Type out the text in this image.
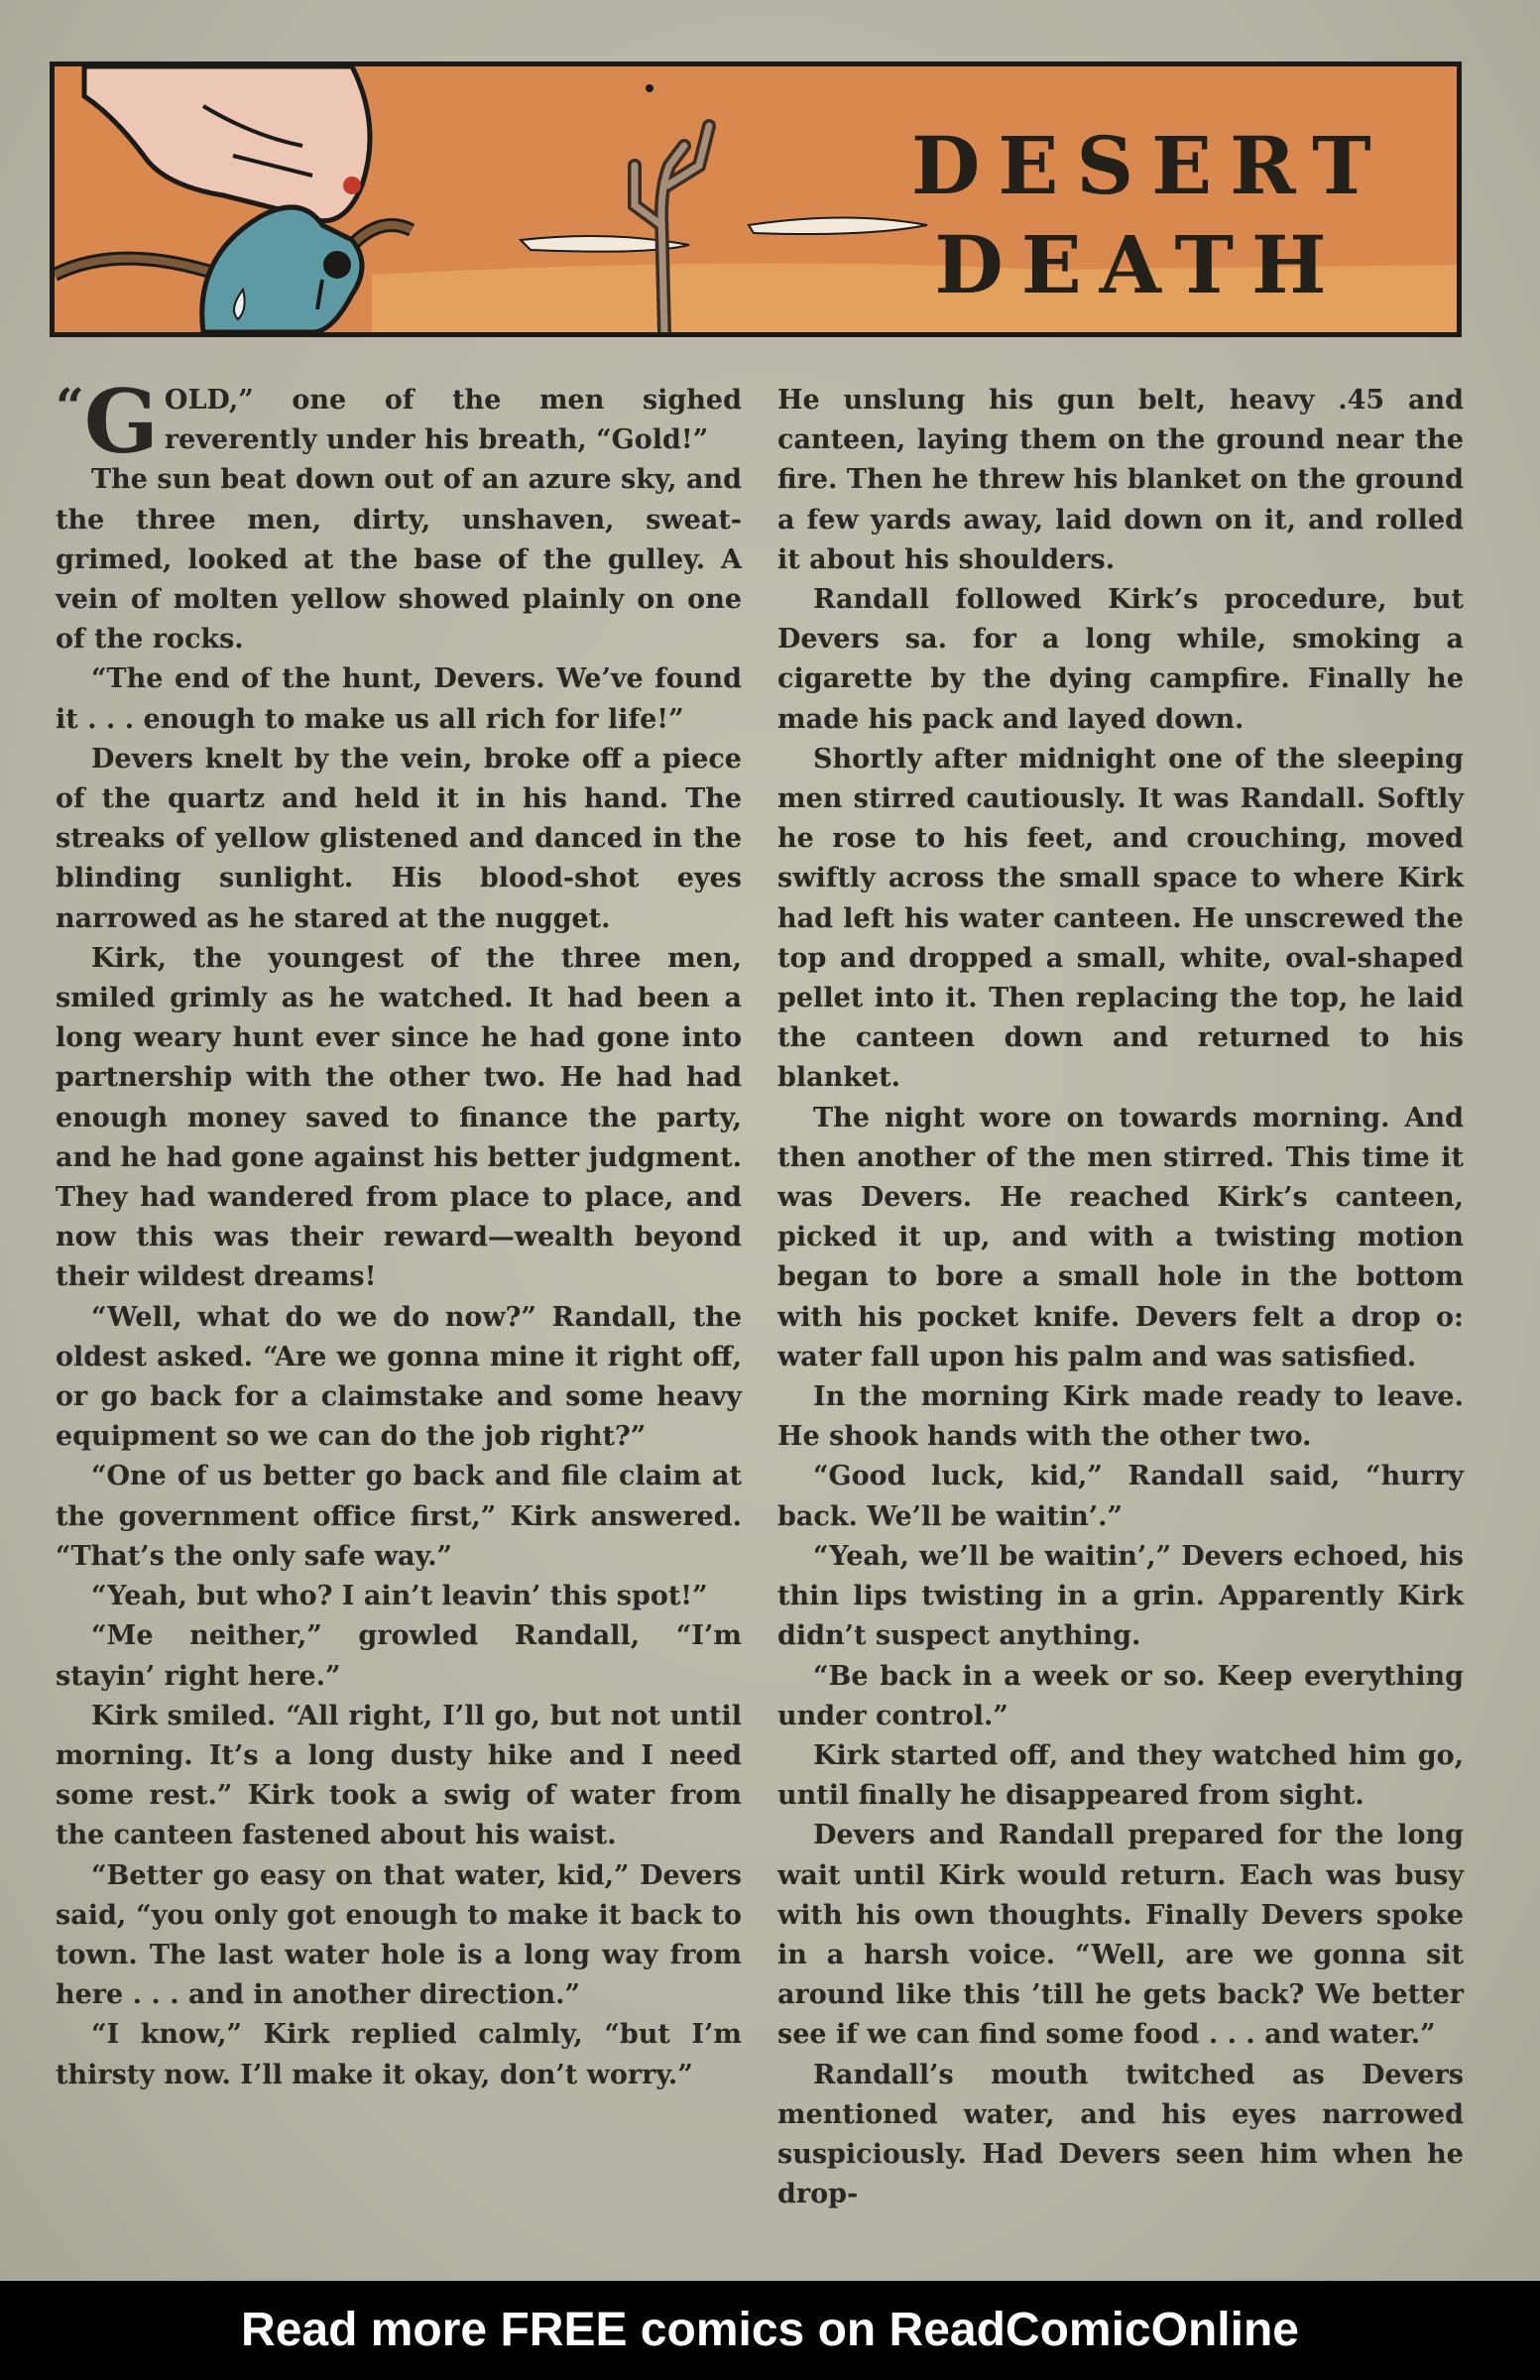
DESERT
DEATH

“G OLD,” one of the men sighed reverently under his breath, “Gold!”

The sun beat down out of an azure sky, and the three men, dirty, unshaven, sweat-grimed, looked at the base of the gulley. A vein of molten yellow showed plainly on one of the rocks.

“The end of the hunt, Devers. We’ve found it . . . enough to make us all rich for life!”

Devers knelt by the vein, broke off a piece of the quartz and held it in his hand. The streaks of yellow glistened and danced in the blinding sunlight. His blood-shot eyes narrowed as he stared at the nugget.

Kirk, the youngest of the three men, smiled grimly as he watched. It had been a long weary hunt ever since he had gone into partnership with the other two. He had had enough money saved to finance the party, and he had gone against his better judgment. They had wandered from place to place, and now this was their reward—wealth beyond their wildest dreams!

“Well, what do we do now?” Randall, the oldest asked. “Are we gonna mine it right off, or go back for a claimstake and some heavy equipment so we can do the job right?”

“One of us better go back and file claim at the government office first,” Kirk answered. “That’s the only safe way.”

“Yeah, but who? I ain’t leavin’ this spot!”

“Me neither,” growled Randall, “I’m stayin’ right here.”

Kirk smiled. “All right, I’ll go, but not until morning. It’s a long dusty hike and I need some rest.” Kirk took a swig of water from the canteen fastened about his waist.

“Better go easy on that water, kid,” Devers said, “you only got enough to make it back to town. The last water hole is a long way from here . . . and in another direction.”

“I know,” Kirk replied calmly, “but I’m thirsty now. I’ll make it okay, don’t worry.”

He unslung his gun belt, heavy .45 and canteen, laying them on the ground near the fire. Then he threw his blanket on the ground a few yards away, laid down on it, and rolled it about his shoulders.

Randall followed Kirk’s procedure, but Devers sa. for a long while, smoking a cigarette by the dying campfire. Finally he made his pack and layed down.

Shortly after midnight one of the sleeping men stirred cautiously. It was Randall. Softly he rose to his feet, and crouching, moved swiftly across the small space to where Kirk had left his water canteen. He unscrewed the top and dropped a small, white, oval-shaped pellet into it. Then replacing the top, he laid the canteen down and returned to his blanket.

The night wore on towards morning. And then another of the men stirred. This time it was Devers. He reached Kirk’s canteen, picked it up, and with a twisting motion began to bore a small hole in the bottom with his pocket knife. Devers felt a drop o: water fall upon his palm and was satisfied.

In the morning Kirk made ready to leave. He shook hands with the other two.

“Good luck, kid,” Randall said, “hurry back. We’ll be waitin’.”

“Yeah, we’ll be waitin’,” Devers echoed, his thin lips twisting in a grin. Apparently Kirk didn’t suspect anything.

“Be back in a week or so. Keep everything under control.”

Kirk started off, and they watched him go, until finally he disappeared from sight.

Devers and Randall prepared for the long wait until Kirk would return. Each was busy with his own thoughts. Finally Devers spoke in a harsh voice. “Well, are we gonna sit around like this ’till he gets back? We better see if we can find some food . . . and water.”

Randall’s mouth twitched as Devers mentioned water, and his eyes narrowed suspiciously. Had Devers seen him when he drop-

Read more FREE comics on ReadComicOnline
